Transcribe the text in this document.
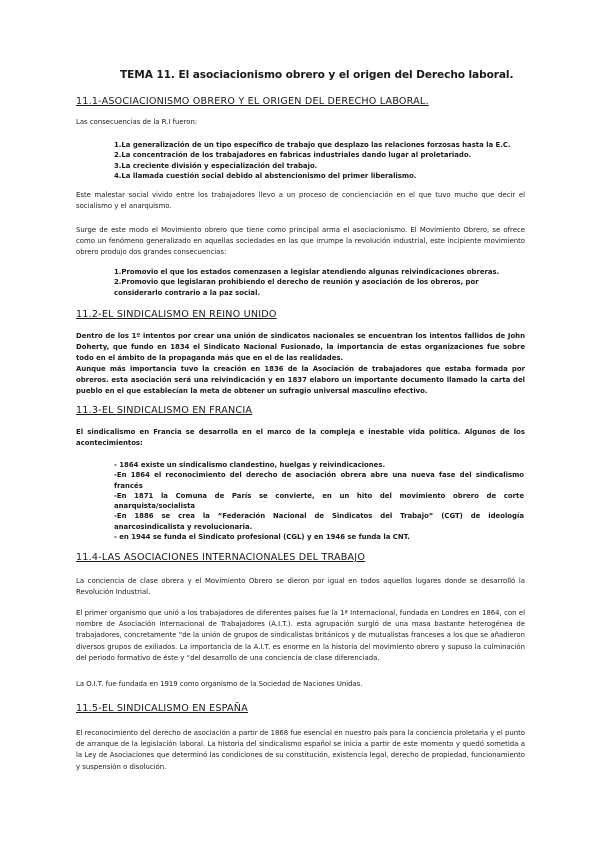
TEMA 11. El asociacionismo obrero y el origen del Derecho laboral.
11.1-ASOCIACIONISMO OBRERO Y EL ORIGEN DEL DERECHO LABORAL.
Las consecuencias de la R.I fueron:
1.La generalización de un tipo específico de trabajo que desplazo las relaciones forzosas hasta la E.C.
2.La concentración de los trabajadores en fabricas industriales dando lugar al proletariado.
3.La creciente división y especialización del trabajo.
4.La llamada cuestión social debido al abstencionismo del primer liberalismo.
Este malestar social vivido entre los trabajadores llevo a un proceso de concienciación en el que tuvo mucho que decir el socialismo y el anarquismo.
Surge de este modo el Movimiento obrero que tiene como principal arma el asociacionismo. El Movimiento Obrero, se ofrece como un fenómeno generalizado en aquellas sociedades en las que irrumpe la revolución industrial, este incipiente movimiento obrero produjo dos grandes consecuencias:
1.Promovio el que los estados comenzasen a legislar atendiendo algunas reivindicaciones obreras.
2.Promovio que legislaran prohibiendo el derecho de reunión y asociación de los obreros, por considerarlo contrario a la paz social.
11.2-EL SINDICALISMO EN REINO UNIDO
Dentro de los 1º intentos por crear una unión de sindicatos nacionales se encuentran los intentos fallidos de John Doherty, que fundo en 1834 el Sindicato Nacional Fusionado, la importancia de estas organizaciones fue sobre todo en el ámbito de la propaganda más que en el de las realidades.
Aunque más importancia tuvo la creación en 1836 de la Asociación de trabajadores que estaba formada por obreros. esta asociación será una reivindicación y en 1837 elaboro un importante documento llamado la carta del pueblo en el que establecían la meta de obtener un sufragio universal masculino efectivo.
11.3-EL SINDICALISMO EN FRANCIA
El sindicalismo en Francia se desarrolla en el marco de la compleja e inestable vida política. Algunos de los acontecimientos:
- 1864 existe un sindicalismo clandestino, huelgas y reivindicaciones.
-En 1864 el reconocimiento del derecho de asociación obrera abre una nueva fase del sindicalismo francés
-En 1871 la Comuna de París se convierte, en un hito del movimiento obrero de corte anarquista/socialista
-En 1886 se crea la “Federación Nacional de Sindicatos del Trabajo” (CGT) de ideología anarcosindicalista y revolucionaria.
- en 1944 se funda el Sindicato profesional (CGL) y en 1946 se funda la CNT.
11.4-LAS ASOCIACIONES INTERNACIONALES DEL TRABAJO
La conciencia de clase obrera y el Movimiento Obrero se dieron por igual en todos aquellos lugares donde se desarrolló la Revolución Industrial.
El primer organismo que unió a los trabajadores de diferentes países fue la 1ª Internacional, fundada en Londres en 1864, con el nombre de Asociación Internacional de Trabajadores (A.I.T.). esta agrupación surgió de una masa bastante heterogénea de trabajadores, concretamente “de la unión de grupos de sindicalistas británicos y de mutualistas franceses a los que se añadieron diversos grupos de exiliados. La importancia de la A.I.T. es enorme en la historia del movimiento obrero y supuso la culminación del periodo formativo de éste y “del desarrollo de una conciencia de clase diferenciada.
La O.I.T. fue fundada en 1919 como organismo de la Sociedad de Naciones Unidas.
11.5-EL SINDICALISMO EN ESPAÑA
El reconocimiento del derecho de asociación a partir de 1868 fue esencial en nuestro país para la conciencia proletaria y el punto de arranque de la legislación laboral. La historia del sindicalismo español se inicia a partir de este momento y quedó sometida a la Ley de Asociaciones que determinó las condiciones de su constitución, existencia legal, derecho de propiedad, funcionamiento y suspensión o disolución.
